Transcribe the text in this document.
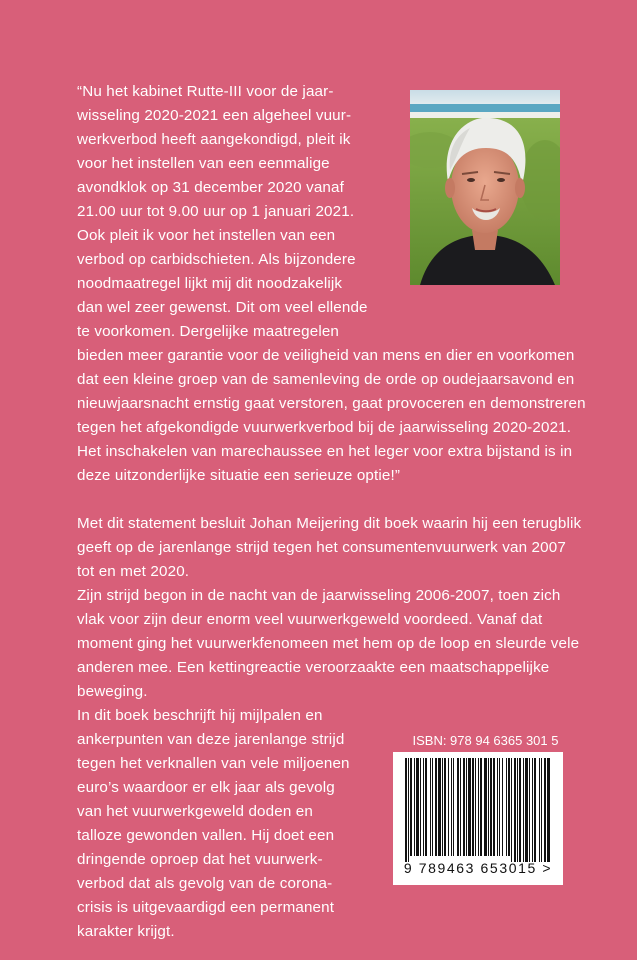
“Nu het kabinet Rutte-III voor de jaar-
wisseling 2020-2021 een algeheel vuur-
werkverbod heeft aangekondigd, pleit ik
voor het instellen van een eenmalige
avondklok op 31 december 2020 vanaf
21.00 uur tot 9.00 uur op 1 januari 2021.
Ook pleit ik voor het instellen van een
verbod op carbidschieten. Als bijzondere
noodmaatregel lijkt mij dit noodzakelijk
dan wel zeer gewenst. Dit om veel ellende
te voorkomen. Dergelijke maatregelen
bieden meer garantie voor de veiligheid van mens en dier en voorkomen
dat een kleine groep van de samenleving de orde op oudejaarsavond en
nieuwjaarsnacht ernstig gaat verstoren, gaat provoceren en demonstreren
tegen het afgekondigde vuurwerkverbod bij de jaarwisseling 2020-2021.
Het inschakelen van marechaussee en het leger voor extra bijstand is in
deze uitzonderlijke situatie een serieuze optie!”
Met dit statement besluit Johan Meijering dit boek waarin hij een terugblik
geeft op de jarenlange strijd tegen het consumentenvuurwerk van 2007
tot en met 2020.
Zijn strijd begon in de nacht van de jaarwisseling 2006-2007, toen zich
vlak voor zijn deur enorm veel vuurwerkgeweld voordeed. Vanaf dat
moment ging het vuurwerkfenomeen met hem op de loop en sleurde vele
anderen mee. Een kettingreactie veroorzaakte een maatschappelijke
beweging.
In dit boek beschrijft hij mijlpalen en
ankerpunten van deze jarenlange strijd
tegen het verknallen van vele miljoenen
euro’s waardoor er elk jaar als gevolg
van het vuurwerkgeweld doden en
talloze gewonden vallen. Hij doet een
dringende oproep dat het vuurwerk-
verbod dat als gevolg van de corona-
crisis is uitgevaardigd een permanent
karakter krijgt.
ISBN: 978 94 6365 301 5
9 789463 653015 >
